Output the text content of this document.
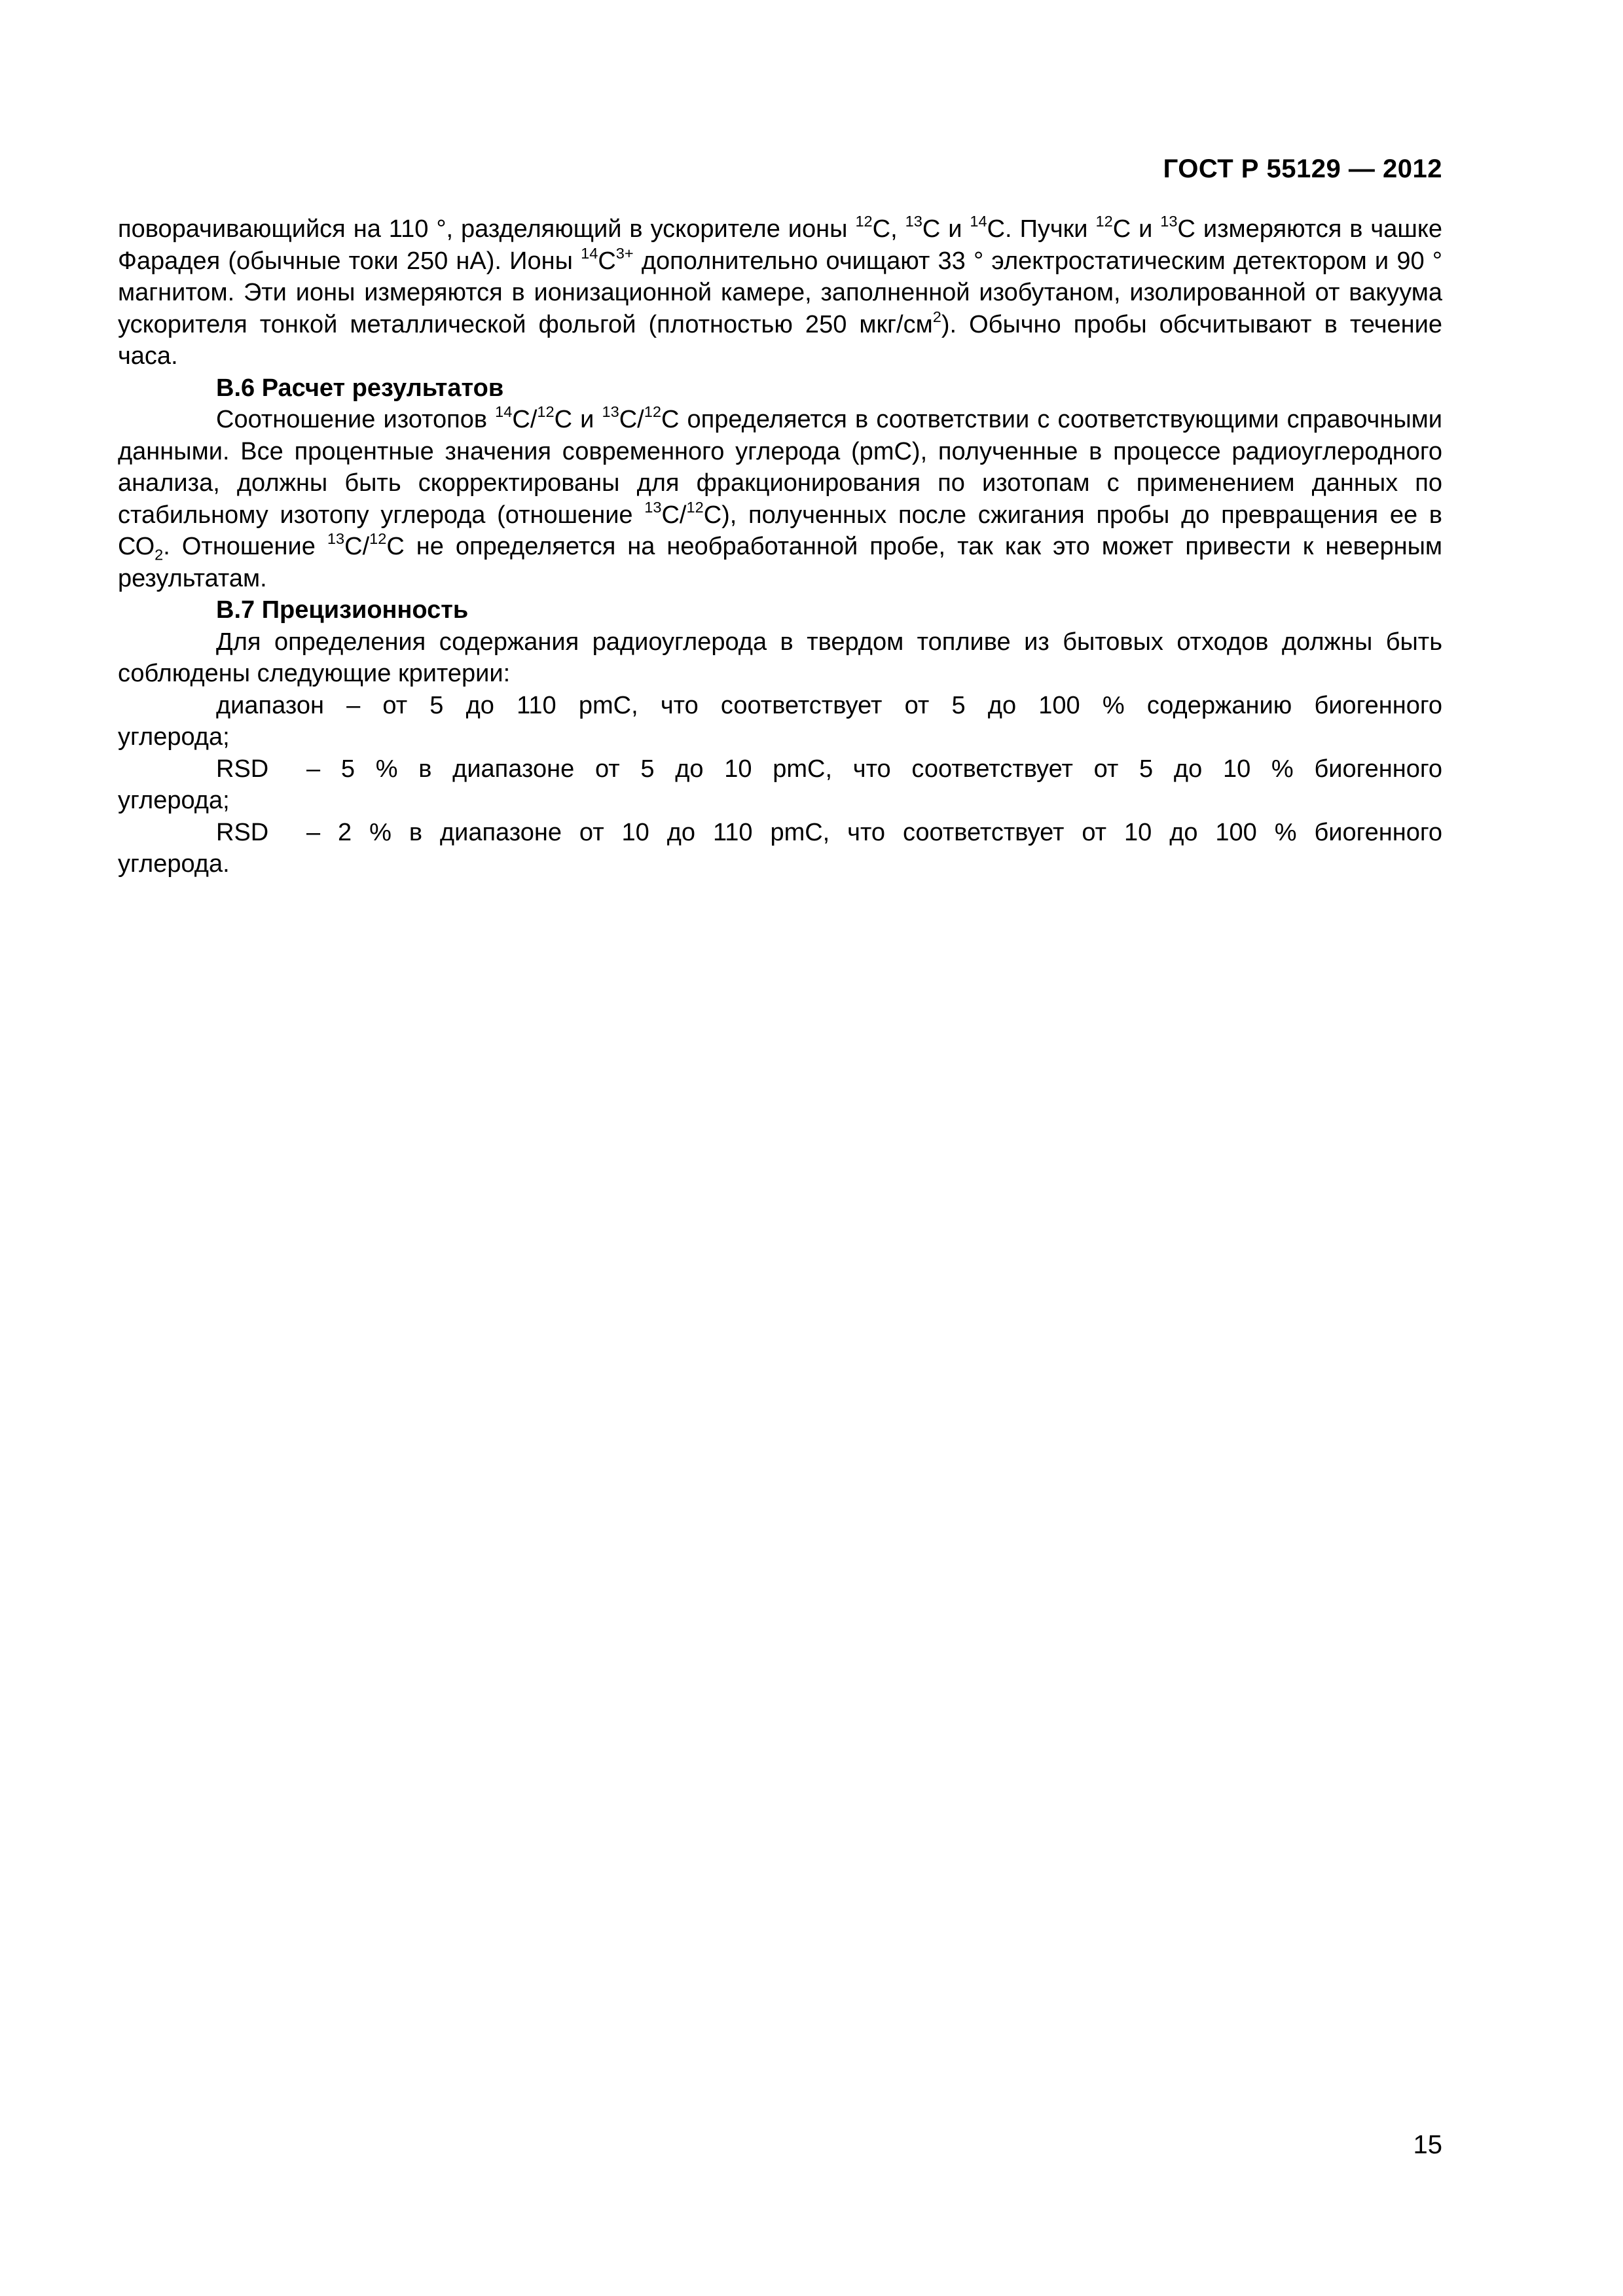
ГОСТ Р 55129 — 2012

поворачивающийся на 110 °, разделяющий в ускорителе ионы $^{12}$С, $^{13}$С и $^{14}$С. Пучки $^{12}$С и $^{13}$С измеряются в чашке Фарадея (обычные токи 250 нА). Ионы $^{14}С^{3+}$ дополнительно очищают 33 ° электростатическим детектором и 90 ° магнитом. Эти ионы измеряются в ионизационной камере, заполненной изобутаном, изолированной от вакуума ускорителя тонкой металлической фольгой (плотностью 250 мкг/$см^2$). Обычно пробы обсчитывают в течение часа.

В.6 Расчет результатов

Соотношение изотопов $^{14}$С/$^{12}$С и $^{13}$С/$^{12}$С определяется в соответствии с соответствующими справочными данными. Все процентные значения современного углерода (pmC), полученные в процессе радиоуглеродного анализа, должны быть скорректированы для фракционирования по изотопам с применением данных по стабильному изотопу углерода (отношение $^{13}$С/$^{12}$С), полученных после сжигания пробы до превращения ее в $СО_2$. Отношение $^{13}$С/$^{12}$С не определяется на необработанной пробе, так как это может привести к неверным результатам.

В.7 Прецизионность

Для определения содержания радиоуглерода в твердом топливе из бытовых отходов должны быть соблюдены следующие критерии:

диапазон – от 5 до 110 pmC, что соответствует от 5 до 100 % содержанию биогенного

углерода;

RSD – 5 % в диапазоне от 5 до 10 pmC, что соответствует от 5 до 10 % биогенного

углерода;

RSD – 2 % в диапазоне от 10 до 110 pmC, что соответствует от 10 до 100 % биогенного

углерода.

15
